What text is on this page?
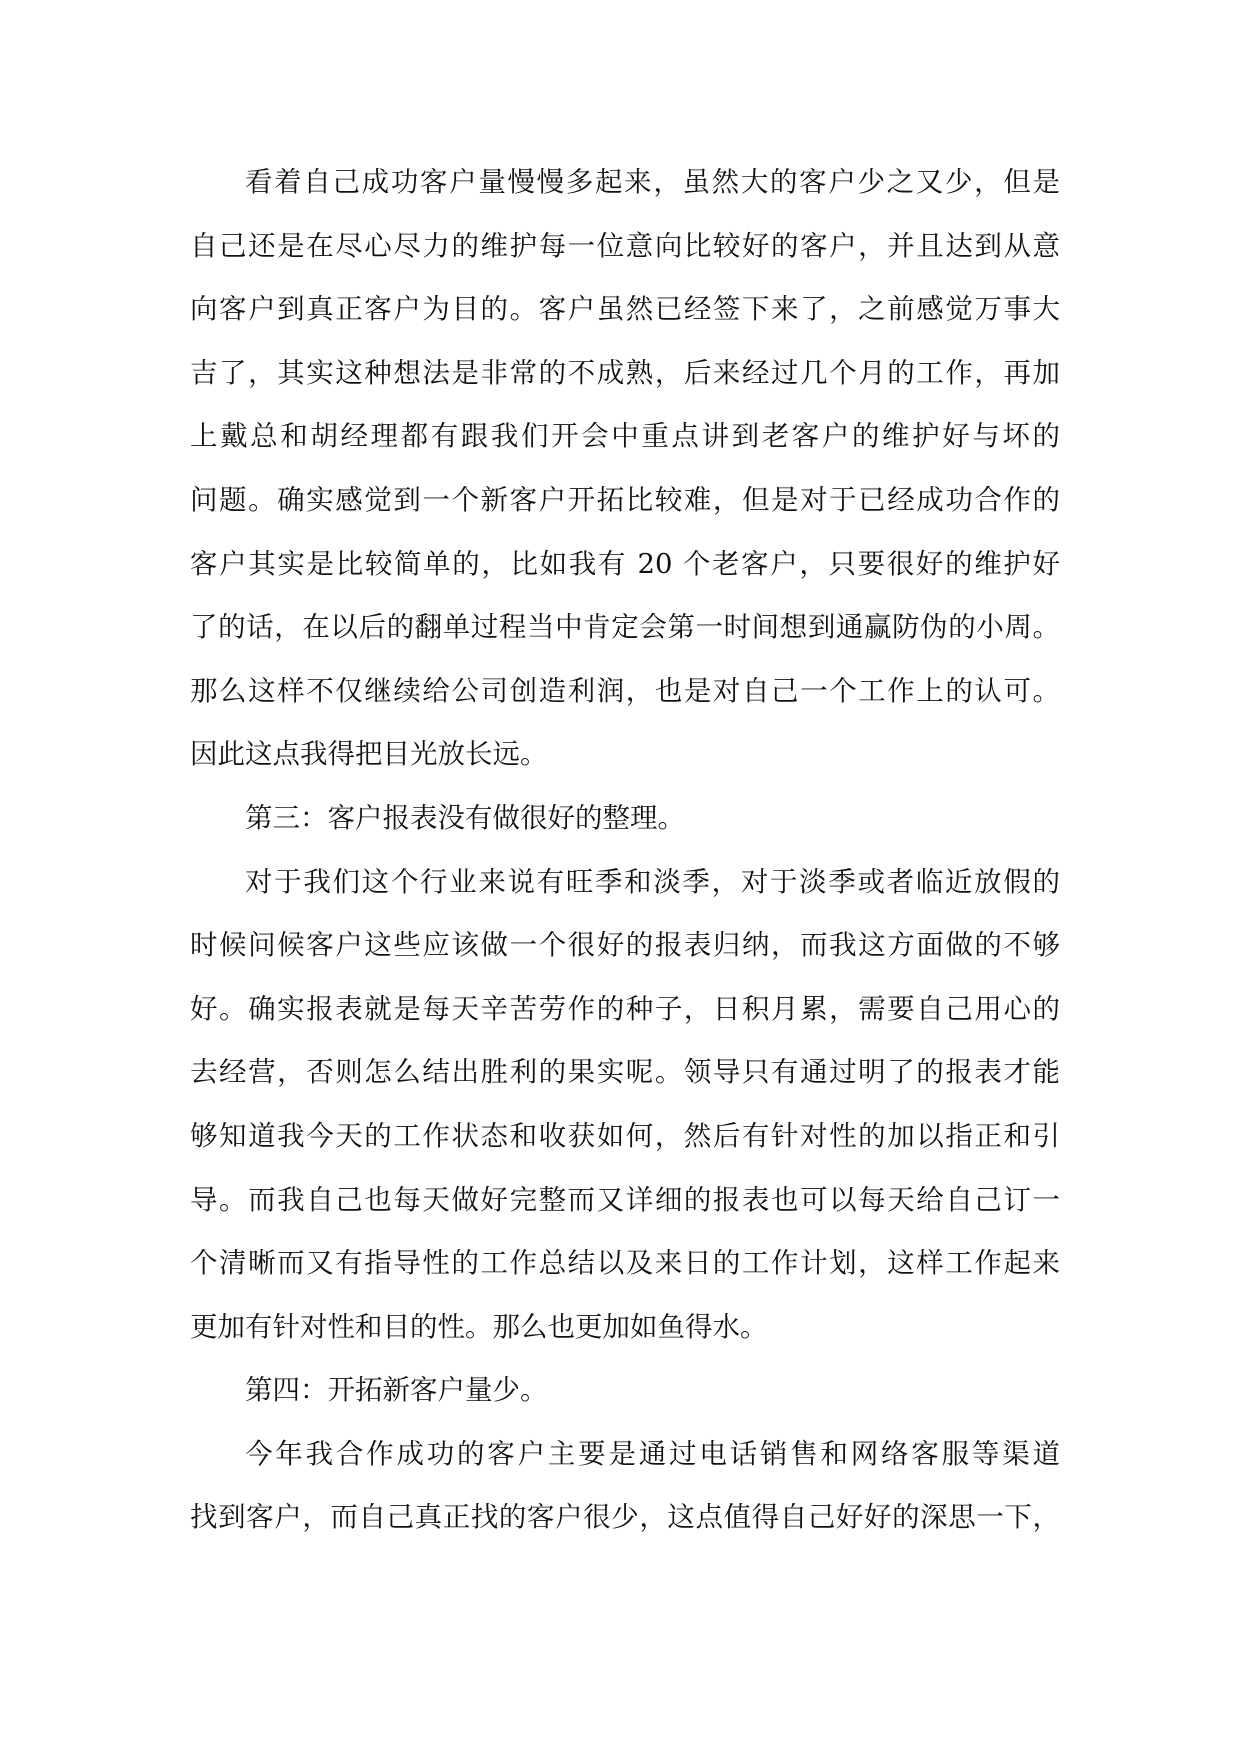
看着自己成功客户量慢慢多起来，虽然大的客户少之又少，但是
自己还是在尽心尽力的维护每一位意向比较好的客户，并且达到从意
向客户到真正客户为目的。客户虽然已经签下来了，之前感觉万事大
吉了，其实这种想法是非常的不成熟，后来经过几个月的工作，再加
上戴总和胡经理都有跟我们开会中重点讲到老客户的维护好与坏的
问题。确实感觉到一个新客户开拓比较难，但是对于已经成功合作的
客户其实是比较简单的，比如我有 20 个老客户，只要很好的维护好
了的话，在以后的翻单过程当中肯定会第一时间想到通赢防伪的小周。
那么这样不仅继续给公司创造利润，也是对自己一个工作上的认可。
因此这点我得把目光放长远。
第三：客户报表没有做很好的整理。
对于我们这个行业来说有旺季和淡季，对于淡季或者临近放假的
时候问候客户这些应该做一个很好的报表归纳，而我这方面做的不够
好。确实报表就是每天辛苦劳作的种子，日积月累，需要自己用心的
去经营，否则怎么结出胜利的果实呢。领导只有通过明了的报表才能
够知道我今天的工作状态和收获如何，然后有针对性的加以指正和引
导。而我自己也每天做好完整而又详细的报表也可以每天给自己订一
个清晰而又有指导性的工作总结以及来日的工作计划，这样工作起来
更加有针对性和目的性。那么也更加如鱼得水。
第四：开拓新客户量少。
今年我合作成功的客户主要是通过电话销售和网络客服等渠道
找到客户，而自己真正找的客户很少，这点值得自己好好的深思一下，
